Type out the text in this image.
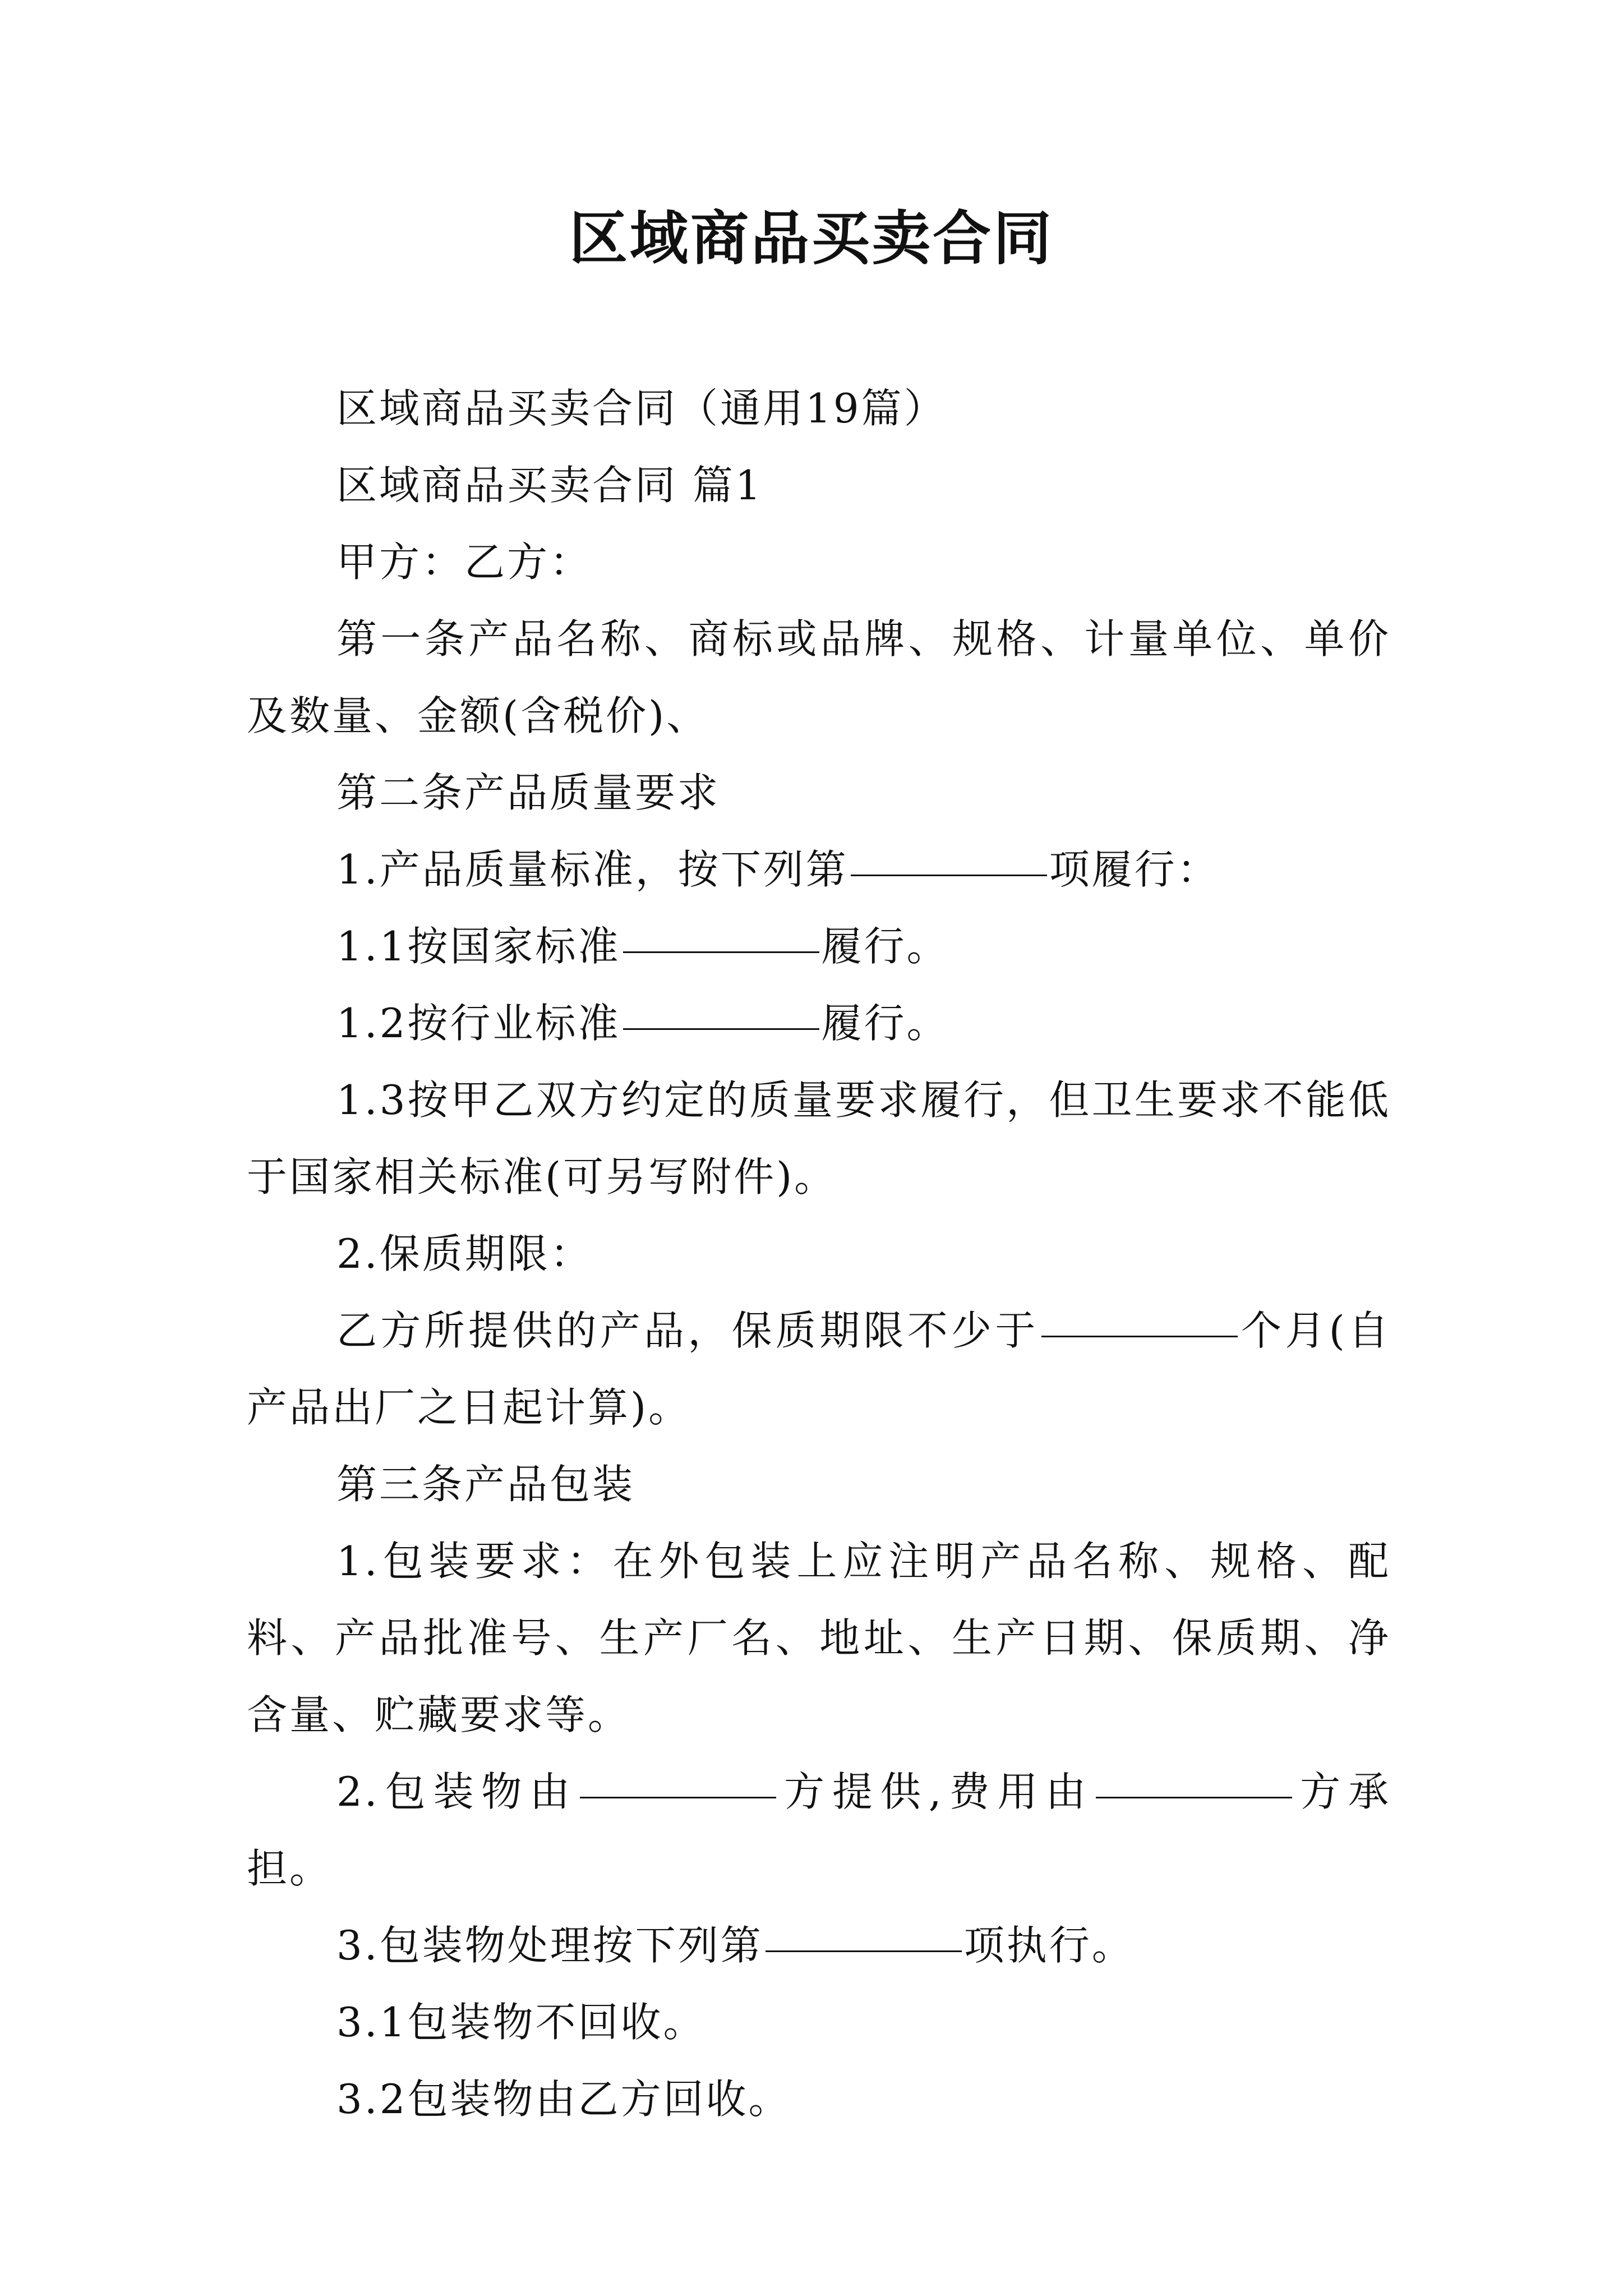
区域商品买卖合同

区域商品买卖合同（通用19篇）

区域商品买卖合同 篇1

甲方：乙方：

第一条产品名称、商标或品牌、规格、计量单位、单价及数量、金额(含税价)、

第二条产品质量要求

1.产品质量标准，按下列第	项履行：

1.1按国家标准	履行。

1.2按行业标准	履行。

1.3按甲乙双方约定的质量要求履行，但卫生要求不能低于国家相关标准(可另写附件)。

2.保质期限：

乙方所提供的产品，保质期限不少于	个月(自产品出厂之日起计算)。

第三条产品包装

1.包装要求：在外包装上应注明产品名称、规格、配料、产品批准号、生产厂名、地址、生产日期、保质期、净含量、贮藏要求等。

2.包装物由	方提供,费用由	方承担。

3.包装物处理按下列第	项执行。

3.1包装物不回收。

3.2包装物由乙方回收。
